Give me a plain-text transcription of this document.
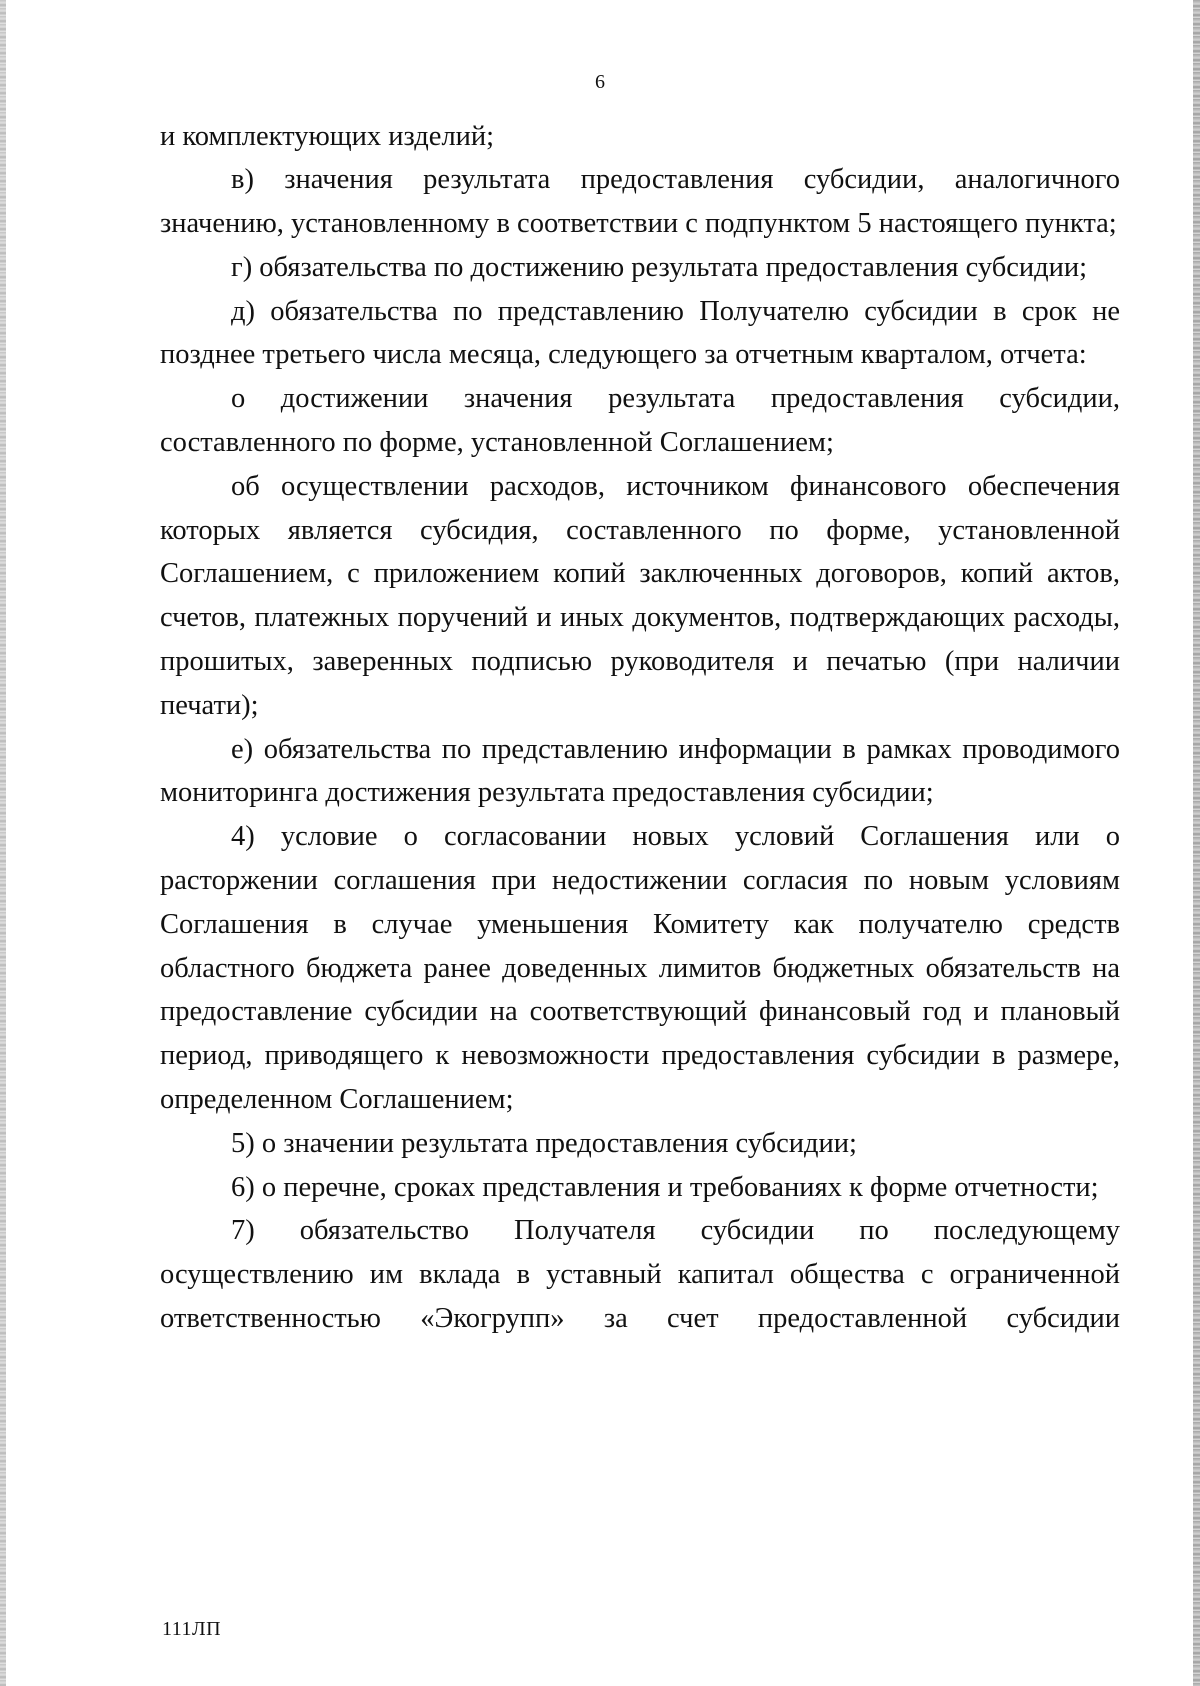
6

и комплектующих изделий;

в) значения результата предоставления субсидии, аналогичного значению, установленному в соответствии с подпунктом 5 настоящего пункта;

г) обязательства по достижению результата предоставления субсидии;

д) обязательства по представлению Получателю субсидии в срок не позднее третьего числа месяца, следующего за отчетным кварталом, отчета:

о достижении значения результата предоставления субсидии, составленного по форме, установленной Соглашением;

об осуществлении расходов, источником финансового обеспечения которых является субсидия, составленного по форме, установленной Соглашением, с приложением копий заключенных договоров, копий актов, счетов, платежных поручений и иных документов, подтверждающих расходы, прошитых, заверенных подписью руководителя и печатью (при наличии печати);

е) обязательства по представлению информации в рамках проводимого мониторинга достижения результата предоставления субсидии;

4) условие о согласовании новых условий Соглашения или о расторжении соглашения при недостижении согласия по новым условиям Соглашения в случае уменьшения Комитету как получателю средств областного бюджета ранее доведенных лимитов бюджетных обязательств на предоставление субсидии на соответствующий финансовый год и плановый период, приводящего к невозможности предоставления субсидии в размере, определенном Соглашением;

5) о значении результата предоставления субсидии;

6) о перечне, сроках представления и требованиях к форме отчетности;

7) обязательство Получателя субсидии по последующему осуществлению им вклада в уставный капитал общества с ограниченной ответственностью «Экогрупп» за счет предоставленной субсидии

111ЛП
